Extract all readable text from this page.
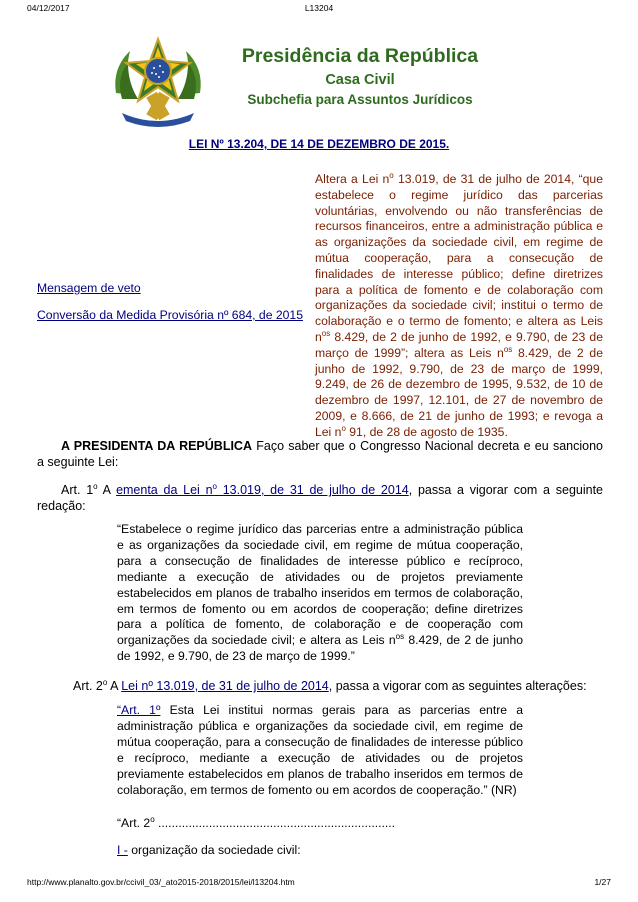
04/12/2017	L13204
Presidência da República
Casa Civil
Subchefia para Assuntos Jurídicos
LEI Nº 13.204, DE 14 DE DEZEMBRO DE 2015.
Altera a Lei $n^o$ 13.019, de 31 de julho de 2014, “que estabelece o regime jurídico das parcerias voluntárias, envolvendo ou não transferências de recursos financeiros, entre a administração pública e as organizações da sociedade civil, em regime de mútua cooperação, para a consecução de finalidades de interesse público; define diretrizes para a política de fomento e de colaboração com organizações da sociedade civil; institui o termo de colaboração e o termo de fomento; e altera as Leis $n^{os}$ 8.429, de 2 de junho de 1992, e 9.790, de 23 de março de 1999”; altera as Leis $n^{os}$ 8.429, de 2 de junho de 1992, 9.790, de 23 de março de 1999, 9.249, de 26 de dezembro de 1995, 9.532, de 10 de dezembro de 1997, 12.101, de 27 de novembro de 2009, e 8.666, de 21 de junho de 1993; e revoga a Lei $n^o$ 91, de 28 de agosto de 1935.
Mensagem de veto
Conversão da Medida Provisória nº 684, de 2015
A PRESIDENTA DA REPÚBLICA Faço saber que o Congresso Nacional decreta e eu sanciono a seguinte Lei:
Art. 1$^o$ A ementa da Lei n$^o$ 13.019, de 31 de julho de 2014, passa a vigorar com a seguinte redação:
“Estabelece o regime jurídico das parcerias entre a administração pública e as organizações da sociedade civil, em regime de mútua cooperação, para a consecução de finalidades de interesse público e recíproco, mediante a execução de atividades ou de projetos previamente estabelecidos em planos de trabalho inseridos em termos de colaboração, em termos de fomento ou em acordos de cooperação; define diretrizes para a política de fomento, de colaboração e de cooperação com organizações da sociedade civil; e altera as Leis $n^{os}$ 8.429, de 2 de junho de 1992, e 9.790, de 23 de março de 1999.”
Art. 2$^o$ A Lei nº 13.019, de 31 de julho de 2014, passa a vigorar com as seguintes alterações:
“Art. 1º Esta Lei institui normas gerais para as parcerias entre a administração pública e organizações da sociedade civil, em regime de mútua cooperação, para a consecução de finalidades de interesse público e recíproco, mediante a execução de atividades ou de projetos previamente estabelecidos em planos de trabalho inseridos em termos de colaboração, em termos de fomento ou em acordos de cooperação.” (NR)
“Art. 2$^o$ ......................................................................
I - organização da sociedade civil:
http://www.planalto.gov.br/ccivil_03/_ato2015-2018/2015/lei/l13204.htm	1/27
